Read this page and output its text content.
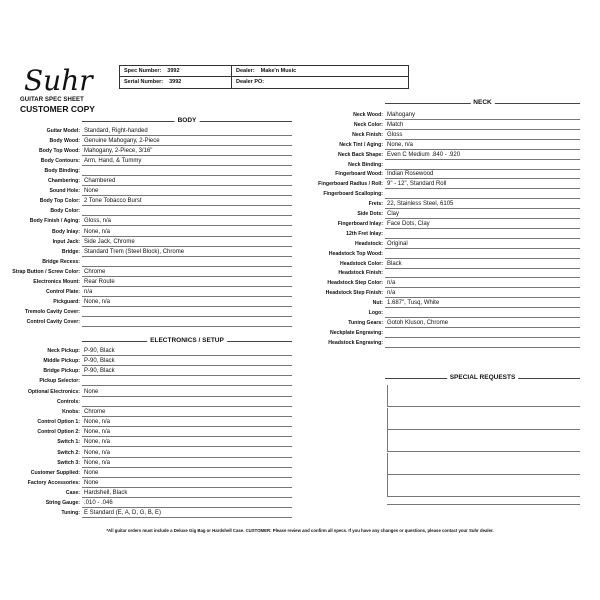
Suhr
GUITAR SPEC SHEET
CUSTOMER COPY
Spec Number: 3992	Dealer: Make'n Music
Serial Number: 3992	Dealer PO:
BODY
Guitar Model: Standard, Right-handed
Body Wood: Genuine Mahogany, 2-Piece
Body Top Wood: Mahogany, 2-Piece, 3/16"
Body Contours: Arm, Hand, & Tummy
Body Binding:
Chambering: Chambered
Sound Hole: None
Body Top Color: 2 Tone Tobacco Burst
Body Color:
Body Finish / Aging: Gloss, n/a
Body Inlay: None, n/a
Input Jack: Side Jack, Chrome
Bridge: Standard Trem (Steel Block), Chrome
Bridge Recess:
Strap Button / Screw Color: Chrome
Electronics Mount: Rear Route
Control Plate: n/a
Pickguard: None, n/a
Tremolo Cavity Cover:
Control Cavity Cover:
ELECTRONICS / SETUP
Neck Pickup: P-90, Black
Middle Pickup: P-90, Black
Bridge Pickup: P-90, Black
Pickup Selector:
Optional Electronics: None
Controls:
Knobs: Chrome
Control Option 1: None, n/a
Control Option 2: None, n/a
Switch 1: None, n/a
Switch 2: None, n/a
Switch 3: None, n/a
Customer Supplied: None
Factory Accessories: None
Case: Hardshell, Black
String Gauge: .010 - .046
Tuning: E Standard (E, A, D, G, B, E)
NECK
Neck Wood: Mahogany
Neck Color: Match
Neck Finish: Gloss
Neck Tint / Aging: None, n/a
Neck Back Shape: Even C Medium .840 - .920
Neck Binding:
Fingerboard Wood: Indian Rosewood
Fingerboard Radius / Roll: 9" - 12", Standard Roll
Fingerboard Scalloping:
Frets: 22, Stainless Steel, 6105
Side Dots: Clay
Fingerboard Inlay: Face Dots, Clay
12th Fret Inlay:
Headstock: Original
Headstock Top Wood:
Headstock Color: Black
Headstock Finish:
Headstock Step Color: n/a
Headstock Step Finish: n/a
Nut: 1.687", Tusq, White
Logo:
Tuning Gears: Gotoh Kluson, Chrome
Neckplate Engraving:
Headstock Engraving:
SPECIAL REQUESTS
*All guitar orders must include a Deluxe Gig Bag or Hardshell Case. CUSTOMER: Please review and confirm all specs. If you have any changes or questions, please contact your Suhr dealer.
